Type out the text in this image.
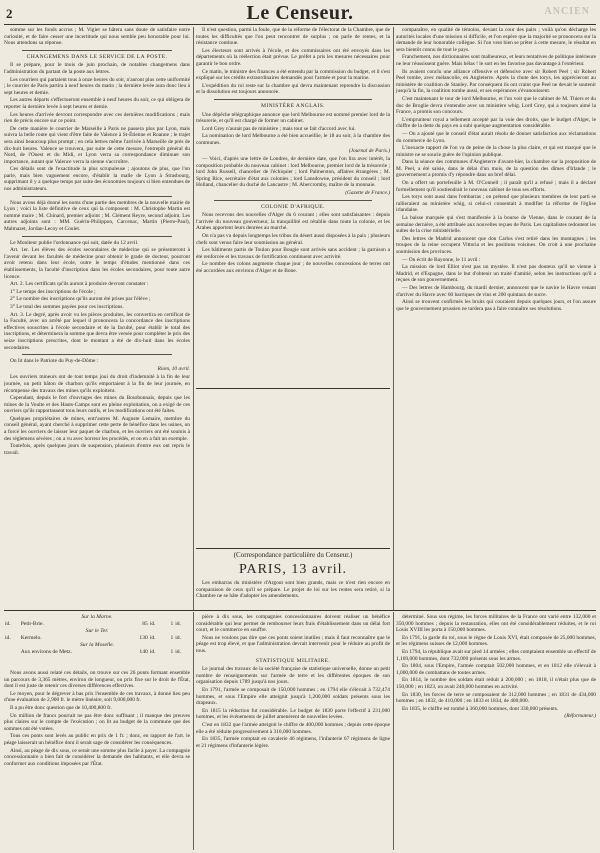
2	Le Censeur.	ANCIEN

somme sur les fonds accrus ; M. Vigier se hâtera sans doute de satisfaire notre curiosité, et de faire cesser une incertitude qui nous semble peu honorable pour lui. Nous attendons sa réponse.

CHANGEMENS DANS LE SERVICE DE LA POSTE.

Il se prépare, pour le mois de juin prochain, de notables changemens dans l'administration du partant de la poste aux lettres.

Les courriers qui partaient tous à onze heures du soir, n'auront plus cette uniformité ; le courrier de Paris partira à neuf heures du matin ; la dernière levée aura donc lieu à sept heures et demie.

Les autres départs s'effectueront ensemble à neuf heures du soir, ce qui obligera de reporter la dernière levée à sept heures et demie.

Les heures d'arrivée devront correspondre avec ces dernières modifications ; mais rien de précis encore sur ce point.

De cette manière le courrier de Marseille à Paris ne passera plus par Lyon, mais suivra la belle route qui vient d'être faite de Valence à St-Étienne et Roanne ; le trajet sera ainsi beaucoup plus prompt ; en cela lettres même l'arrivée à Marseille de près de dix-huit heures. Valence se trouvera, par suite de cette mesure, l'entrepôt général du Nord, de l'Ouest et du Midi, et Lyon verra sa correspondance diminuer son importance, autant que Valence verra la sienne s'accroître.

Ces détails sont de l'exactitude la plus scrupuleuse ; ajoutons de plus, que l'on parle, mais bien vaguement encore, d'établir la malle de Lyon à Strasbourg, supprimant il y a quelque temps par suite des économies toujours si bien entendues de nos administrateurs.

Nous avons déjà donné les noms d'une partie des membres de la nouvelle mairie de Lyon ; voici la liste définitive de ceux qui la composent : M. Christophe Martin est nommé maire ; M. Chinard, premier adjoint ; M. Clément Reyre, second adjoint. Les autres adjoints sont : MM. Guérin-Philippon, Carcenac, Martin (Pierre-Paul), Malmazet, Jordan-Lecoy et Coulet.

Le Moniteur publie l'ordonnance qui suit, datée du 12 avril.

Art. 1er. Les élèves des écoles secondaires de médecine qui se présenteront à l'avenir devant les facultés de médecine pour obtenir le grade de docteur, pourront avoir retenu dans leur école, outre le temps d'études mentionné dans ces établissements, la faculté d'inscription dans les écoles secondaires, pour toute autre licence.

Art. 2. Les certificats qu'ils auront à produire devront constater :

1° Le temps des inscriptions de l'école ;

2° Le nombre des inscriptions qu'ils auront été prises par l'élève ;

3° Le total des sommes payées pour ces inscriptions.

Art. 3. Le degré, après avoir vu les pièces produites, les convertira en certificat de la Faculté, avec un arrêté par lequel il prononcera la concordance des inscriptions effectives souscrites à l'école secondaire et de la faculté, pour établir le total des inscriptions, et déterminera la somme que devra être versée pour compléter le prix des seize inscriptions prescrites, dont le montant a été de dix-huit dans les écoles secondaires.

On lit dans le Patriote du Puy-de-Dôme :

Riom, 10 avril.

Les ouvriers mineurs ont de tout temps joui du droit d'indemnité à la fin de leur journée, un petit bâton de charbon qu'ils emportaient à la fin de leur journée, en récompense des travaux des mines qu'ils exploitent.

Cependant, depuis le fort d'ouvrages des mines du Bourbonnais, depuis que les mines de la Voulte et des Hauts-Camps sont en pleine exploitation, on a exigé de ces ouvriers qu'ils rapportassent tous leurs outils, et les modifications ont été faites.

Quelques propriétaires de mines, entr'autres M. Auguste Lemaire, membre du conseil général, ayant cherché à supprimer cette perte de bénéfice dans les usines, on a forcé les ouvriers de laisser leur paquet de charbon, et les ouvriers ont été soumis à des réglemens sévères ; on a vu avec horreur les procédés, et on en a fait un exemple.

Toutefois, après quelques jours de suspension, plusieurs d'entre eux ont repris le travail.

Il n'est question, parmi la foule, que de la réforme de l'électorat de la Chambre, que de toutes les difficultés que l'on peut rencontrer de surplus ; on parle de rentes, et la résistance continue.

Les électeurs sont arrivés à l'école, et des commissaires ont été envoyés dans les départements où la réélection était prévue. Le préfet a pris les mesures nécessaires pour garantir le bon ordre.

Ce matin, le ministre des finances a été entendu par la commission du budget, et il s'est expliqué sur les crédits extraordinaires demandés pour l'armée et pour la marine.

L'expédition du roi reste sur la chambre qui devra maintenant reprendre la discussion et la dissolution est toujours annoncée.

MINISTÈRE ANGLAIS.

Une dépêche télégraphique annonce que lord Melbourne est nommé premier lord de la trésorerie, et qu'il est chargé de former un cabinet.

Lord Grey n'aurait pas de ministère ; mais tout se fait d'accord avec lui.

La nomination de lord Melbourne a été bien accueillie, le 18 au soir, à la chambre des communes.

(Journal de Paris.)

— Voici, d'après une lettre de Londres, de dernière date, que l'on lira avec intérêt, la composition probable du nouveau cabinet : lord Melbourne, premier lord de la trésorerie ; lord John Russell, chancelier de l'échiquier ; lord Palmerston, affaires étrangères ; M. Spring Rice, secrétaire d'état aux colonies ; lord Lansdowne, président du conseil ; lord Holland, chancelier du duché de Lancastre ; M. Abercromby, maître de la monnaie.

(Gazette de France.)

COLONIE D'AFRIQUE.

Nous recevons des nouvelles d'Alger du 6 courant ; elles sont satisfaisantes : depuis l'arrivée du nouveau gouverneur, la tranquillité est rétablie dans toute la colonie, et les Arabes apportent leurs denrées au marché.

On n'a pas vu depuis longtemps les tribus du désert aussi disposées à la paix ; plusieurs chefs sont venus faire leur soumission au général.

Les bâtiments partis de Toulon pour Bougie sont arrivés sans accident ; la garnison a été renforcée et les travaux de fortification continuent avec activité.

Le nombre des colons augmente chaque jour ; de nouvelles concessions de terres ont été accordées aux environs d'Alger et de Bone.

(Correspondance particulière du Censeur.)
PARIS, 13 avril.

Les embarras du ministère d'Argout sont bien grands, mais ce n'est rien encore en comparaison de ceux qu'il se prépare. Le projet de loi sur les rentes sera retiré, si la Chambre ne se hâte d'adopter les amendements.

comparaître, en qualité de témoins, devant la cour des pairs ; voilà qu'on décharge les autorités locales d'une mission si difficile, et l'on espère que la majorité se prononcera sur la demande de leur honorable collègue. Si l'on veut bien se prêter à cette mesure, le résultat en sera bientôt connu de tout le pays.

Franchement, nos dictionnaires sont malheureux, et leurs tentatives de politique intérieure ne leur réussissent guère. Mais hélas ! le sort en les favorise pas davantage à l'extérieur.

Ils avaient conclu une alliance offensive et défensive avec sir Robert Peel ; sir Robert Peel tombe, avec mélancolie, en Angleterre. Après la chute des torys, les apprécieront au ministère de coalition de Stanley. Par conséquent ils ont craint que Peel ne devait le soutenir jusqu'à la fin, la coalition tombe aussi, et ses espérances s'évanouissent.

C'est maintenant le tour de lord Melbourne, et l'on voit que le cabinet de M. Thiers et du duc de Broglie devra s'entendre avec un ministère whig. Lord Grey, qui a toujours aimé la France, a promis son concours.

L'emprunteur royal a tellement accepté par la voie des droits, que le budget d'Alger, le chiffre de la dette du pays en a subi quelque augmentation considérable.

— On a ajouté que le conseil d'état aurait résolu de donner satisfaction aux réclamations du commerce de Lyon.

L'inexacte rapport de l'on va de peine de la chose la plus claire, et qui est marqué que le ministre ne se soucie guère de l'opinion publique.

Dans la séance des communes d'Angleterre d'avant-hier, la chambre sur la proposition de M. Peel, a été saisie, dans le délai d'un mois, de la question des dîmes d'Irlande ; le gouvernement a promis d'y répondre dans un bref délai.

On a offert un portefeuille à M. O'Connell ; il paraît qu'il a refusé ; mais il a déclaré formellement qu'il soutiendrait le nouveau cabinet de tous ses efforts.

Les torys sont aussi dans l'embarras ; on prétend que plusieurs membres de leur parti se rallieraient au ministère whig, si celui-ci consentait à modifier la réforme de l'église irlandaise.

La baisse marquée qui s'est manifestée à la bourse de Vienne, dans le courant de la semaine dernière, a été attribuée aux nouvelles reçues de Paris. Les capitalistes redoutent les suites de la crise ministérielle.

Des lettres de Madrid annoncent que don Carlos s'est retiré dans les montagnes ; les troupes de la reine occupent Vittoria et les positions voisines. On croit à une prochaine soumission des provinces.

— On écrit de Bayonne, le 11 avril :

La mission de lord Elliot n'est pas un mystère. Il n'est pas douteux qu'il ne vienne à Madrid, et d'Espagne, dans le but d'obtenir un traité d'amitié, selon les instructions qu'il a reçues de son gouvernement.

— Des lettres de Hambourg, du mardi dernier, annoncent que le navire le Havre venant d'arriver du Havre avec 60 barriques de vins et 200 quintaux de sucre.

Ainsi se trouvent confirmés les bruits qui couraient depuis quelques jours, et l'on assure que le gouvernement prussien ne tardera pas à faire connaître ses résolutions.

Sur la Marne.					
id.	Petit-Brie.	85	id.	1	id.
Sur le Ter.					
id.	Kermelo.	130	id.	1	id.
Sur la Moselle.					
	Aux environs de Metz.	140	id.	1	id.

Nous avons aussi relaté ces détails, on trouve sur ces 26 ponts formant ensemble un parcours de 3,365 mètres, environ de longueur, ou prix fixe sur le droit de l'État, dont il est juste de retenir ces diverses différences effectives.

Le moyen, pour le dégrever à bas prix l'ensemble de ces travaux, à donné lieu peu d'une évaluation de 2,900 fr. le mètre linéaire, soit 9,000,000 fr.

Il a pu être donc question que de 10,400,800 fr.

Un million de francs pourrait ne pas être donc suffisant ; il manque des preuves plus claires sur le compte de l'exécution ; on lit au budget de la commune que des sommes ont été votées.

Tous ces ponts sont levés au public en prix de 1 fr. ; donc, en rapport de l'art. le péage laisserait un bénéfice dont il serait sage de considérer les conséquences.

Ainsi, au péage de dix sous, ce serait une somme plus facile à payer. La compagnie concessionnaire a bien fait de considérer la demande des habitants, et elle devra se conformer aux conditions imposées par l'État.

pièce à dix sous, les compagnies concessionnaires doivent réaliser un bénéfice considérable qui leur permet de rembourser leurs frais d'établissement dans un délai fort court, et le commerce en souffre.

Nous ne voulons pas dire que ces ponts soient inutiles ; mais il faut reconnaître que le péage est trop élevé, et que l'administration devrait intervenir pour le réduire au profit de tous.

STATISTIQUE MILITAIRE.

Le journal des travaux de la société française de statistique universelle, donne un petit nombre de renseignements sur l'armée de terre et les différentes époques de son organisation depuis 1789 jusqu'à nos jours.

En 1791, l'armée se composait de 150,000 hommes ; en 1794 elle s'élevait à 732,474 hommes, et sous l'Empire elle atteignit jusqu'à 1,200,000 soldats présents sous les drapeaux.

En 1815 la réduction fut considérable. Le budget de 1830 porte l'effectif à 231,000 hommes, et les événements de juillet amenèrent de nouvelles levées.

C'est en 1832 que l'armée atteignit le chiffre de 400,000 hommes ; depuis cette époque elle a été réduite progressivement à 310,000 hommes.

En 1835, l'armée comptait en cavalerie 46 régimens, l'infanterie 67 régimens de ligne et 21 régimens d'infanterie légère.

déterminé. Sous son régime, les forces militaires de la France ont varié entre 132,000 et 350,000 hommes ; depuis la restauration, elles ont été considérablement réduites, et le roi Louis XVIII les porta à 150,000 hommes.

En 1791, la garde du roi, sous le règne de Louis XVI, était composée de 25,000 hommes, et les régimens suisses de 12,000 hommes.

En 1794, la république avait sur pied 14 armées ; elles comptaient ensemble un effectif de 1,169,000 hommes, dont 732,000 présents sous les armes.

En 1804, sous l'Empire, l'armée comptait 502,000 hommes, et en 1812 elle s'élevait à 1,000,000 de combattans de toutes armes.

En 1814, le nombre des soldats était réduit à 200,000 ; en 1818, il n'était plus que de 150,000 ; en 1823, on avait 240,000 hommes en activité.

En 1830, les forces de terre se composaient de 312,000 hommes ; en 1831 de 434,000 hommes ; en 1832, de 410,000 ; en 1833 et 1834, de 400,000.

En 1835, le chiffre est tombé à 360,000 hommes, dont 330,000 présents.

(Réformateur.)
